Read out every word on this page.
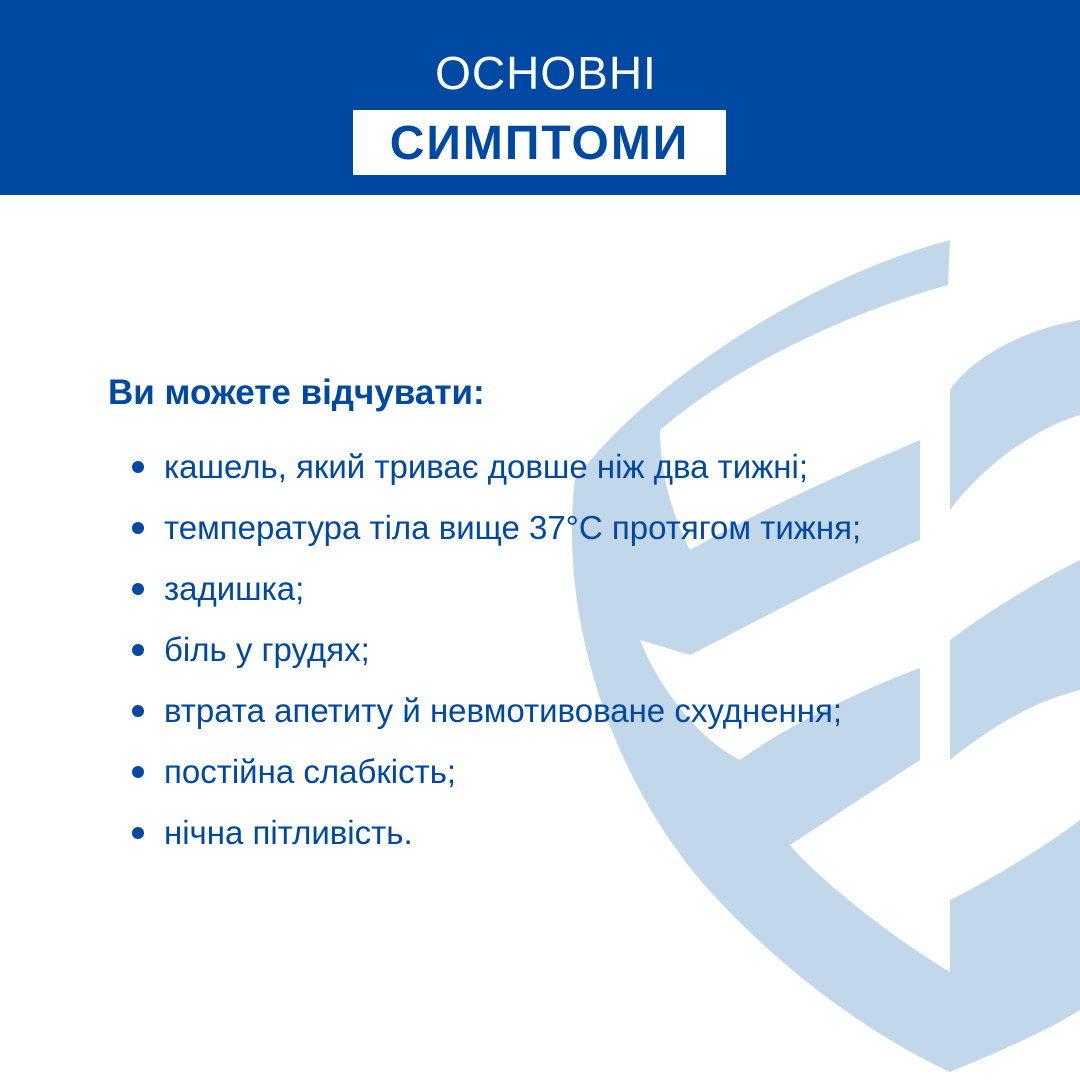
ОСНОВНІ
СИМПТОМИ
Ви можете відчувати:
кашель, який триває довше ніж два тижні;
температура тіла вище 37°С протягом тижня;
задишка;
біль у грудях;
втрата апетиту й невмотивоване схуднення;
постійна слабкість;
нічна пітливість.
